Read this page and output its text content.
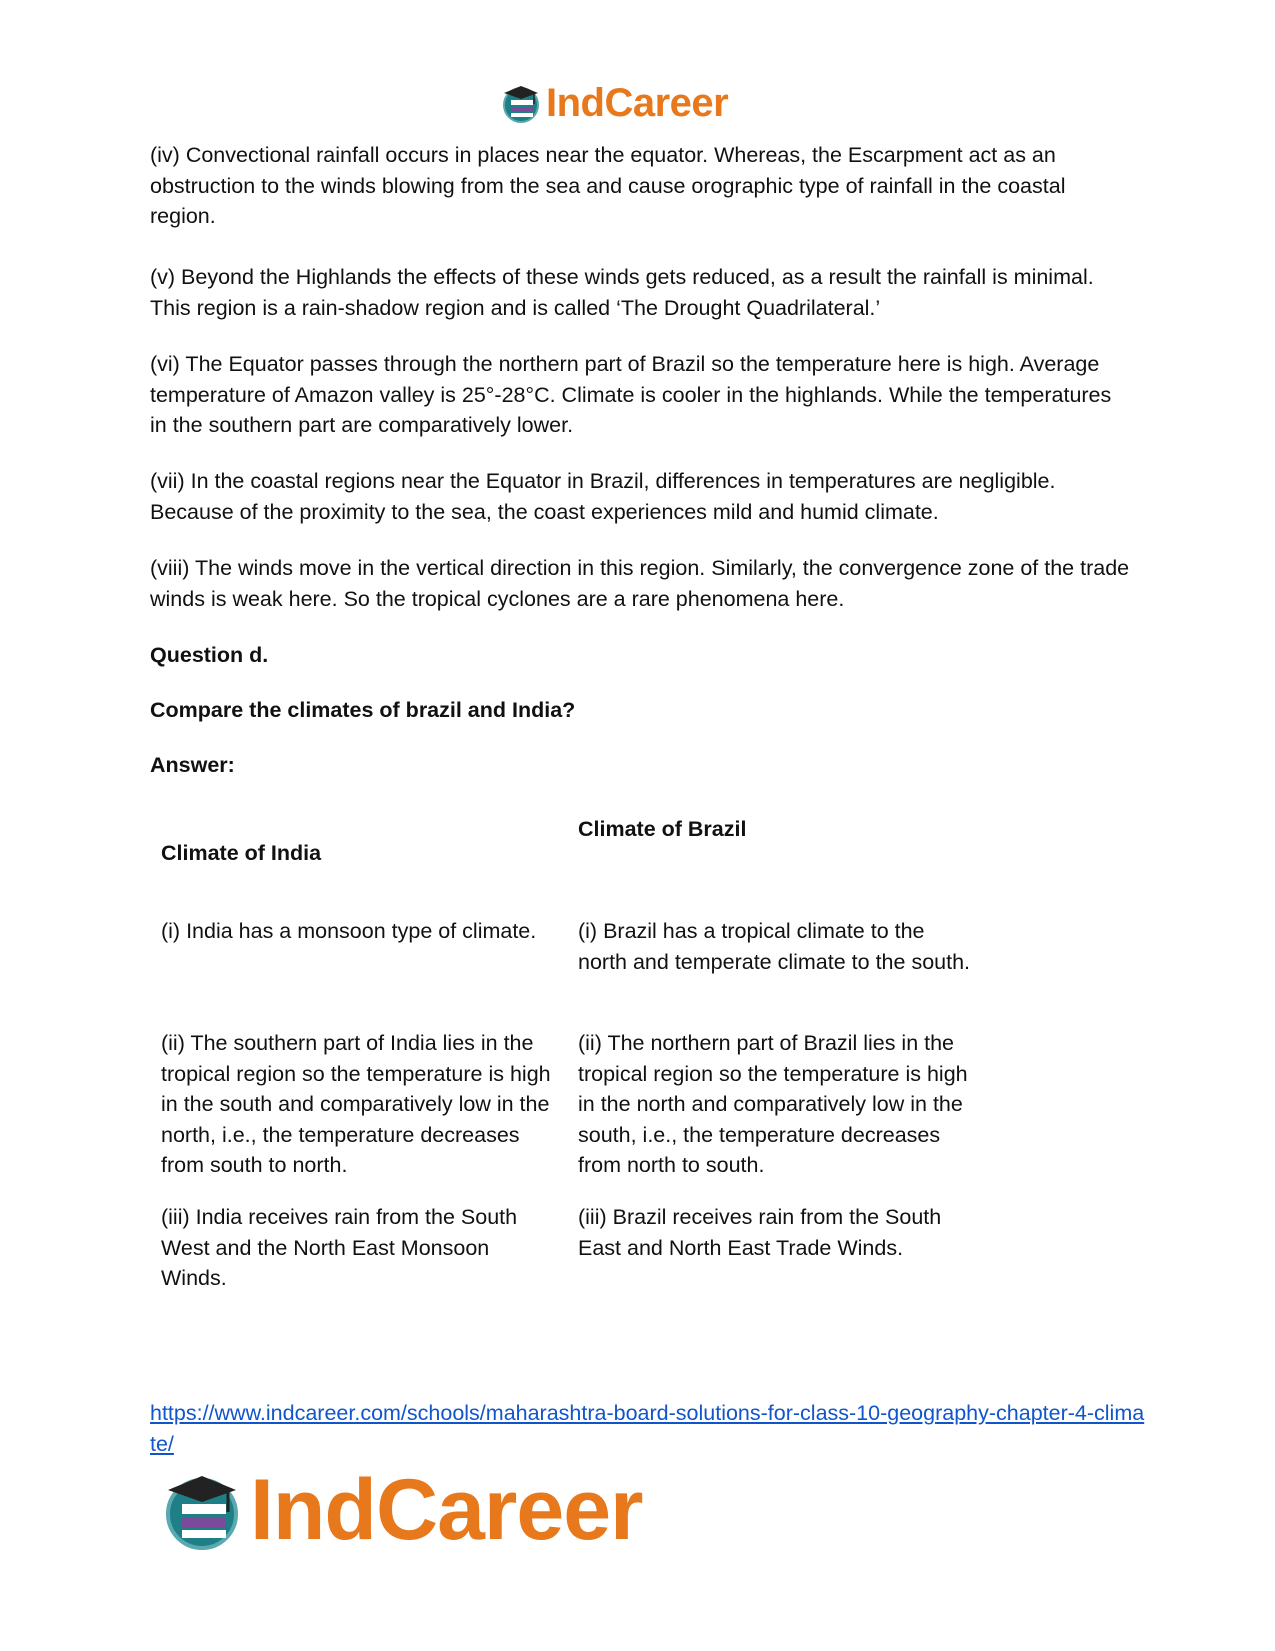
IndCareer

(iv) Convectional rainfall occurs in places near the equator. Whereas, the Escarpment act as an obstruction to the winds blowing from the sea and cause orographic type of rainfall in the coastal region.

(v) Beyond the Highlands the effects of these winds gets reduced, as a result the rainfall is minimal. This region is a rain-shadow region and is called ‘The Drought Quadrilateral.’

(vi) The Equator passes through the northern part of Brazil so the temperature here is high. Average temperature of Amazon valley is 25°-28°C. Climate is cooler in the highlands. While the temperatures in the southern part are comparatively lower.

(vii) In the coastal regions near the Equator in Brazil, differences in temperatures are negligible. Because of the proximity to the sea, the coast experiences mild and humid climate.

(viii) The winds move in the vertical direction in this region. Similarly, the convergence zone of the trade winds is weak here. So the tropical cyclones are a rare phenomena here.

Question d.

Compare the climates of brazil and India?

Answer:

Climate of Brazil

Climate of India

(i) India has a monsoon type of climate.	(i) Brazil has a tropical climate to the north and temperate climate to the south.

(ii) The southern part of India lies in the tropical region so the temperature is high in the south and comparatively low in the north, i.e., the temperature decreases from south to north.

(ii) The northern part of Brazil lies in the tropical region so the temperature is high in the north and comparatively low in the south, i.e., the temperature decreases from north to south.

(iii) India receives rain from the South West and the North East Monsoon Winds.

(iii) Brazil receives rain from the South East and North East Trade Winds.

https://www.indcareer.com/schools/maharashtra-board-solutions-for-class-10-geography-chapter-4-climate/
IndCareer
